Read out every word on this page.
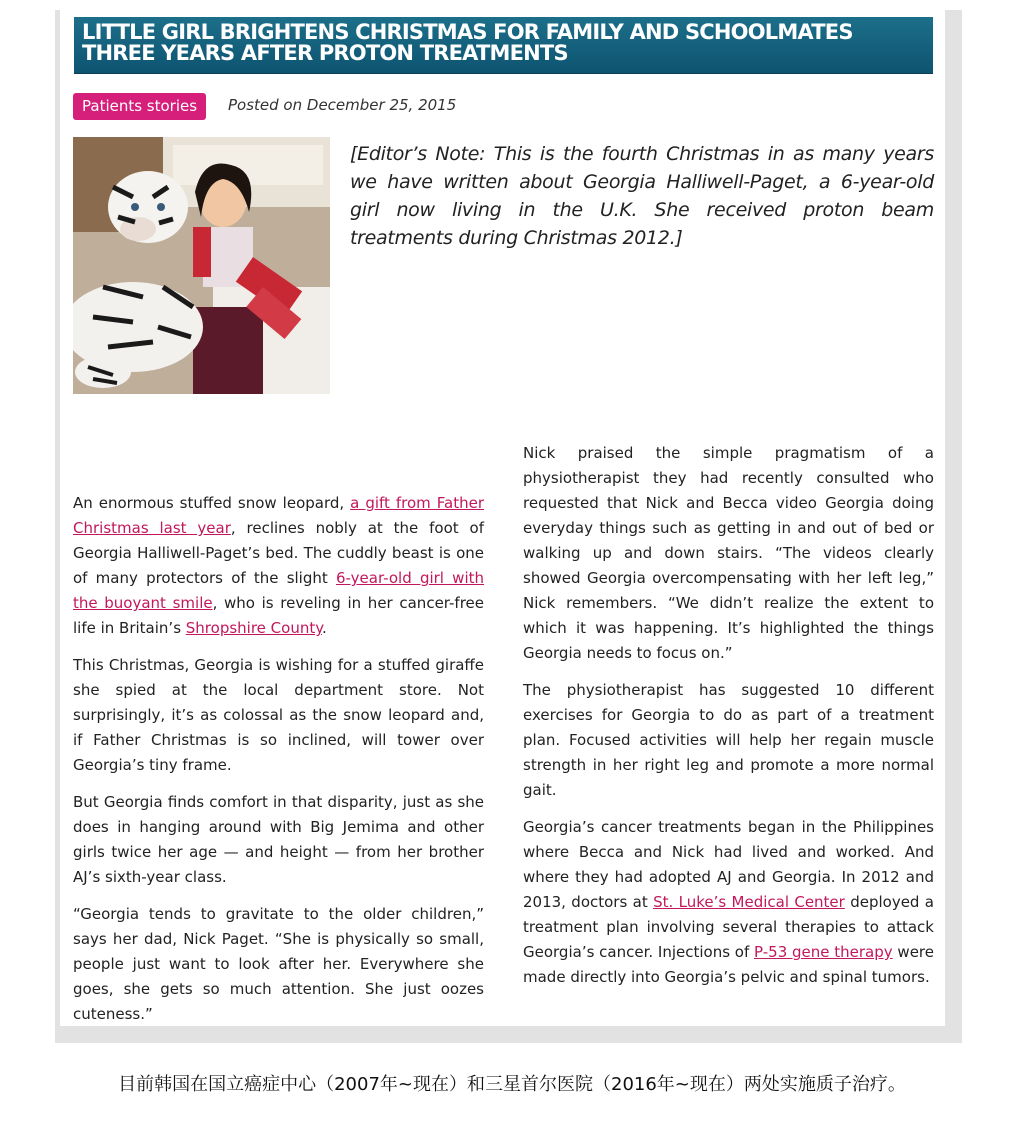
LITTLE GIRL BRIGHTENS CHRISTMAS FOR FAMILY AND SCHOOLMATES THREE YEARS AFTER PROTON TREATMENTS
Patients stories	Posted on December 25, 2015
[Editor’s Note: This is the fourth Christmas in as many years we have written about Georgia Halliwell-Paget, a 6-year-old girl now living in the U.K. She received proton beam treatments during Christmas 2012.]

An enormous stuffed snow leopard, a gift from Father Christmas last year, reclines nobly at the foot of Georgia Halliwell-Paget’s bed. The cuddly beast is one of many protectors of the slight 6-year-old girl with the buoyant smile, who is reveling in her cancer-free life in Britain’s Shropshire County.

This Christmas, Georgia is wishing for a stuffed giraffe she spied at the local department store. Not surprisingly, it’s as colossal as the snow leopard and, if Father Christmas is so inclined, will tower over Georgia’s tiny frame.

But Georgia finds comfort in that disparity, just as she does in hanging around with Big Jemima and other girls twice her age — and height — from her brother AJ’s sixth-year class.

“Georgia tends to gravitate to the older children,” says her dad, Nick Paget. “She is physically so small, people just want to look after her. Everywhere she goes, she gets so much attention. She just oozes cuteness.”

Nick praised the simple pragmatism of a physiotherapist they had recently consulted who requested that Nick and Becca video Georgia doing everyday things such as getting in and out of bed or walking up and down stairs. “The videos clearly showed Georgia overcompensating with her left leg,” Nick remembers. “We didn’t realize the extent to which it was happening. It’s highlighted the things Georgia needs to focus on.”

The physiotherapist has suggested 10 different exercises for Georgia to do as part of a treatment plan. Focused activities will help her regain muscle strength in her right leg and promote a more normal gait.

Georgia’s cancer treatments began in the Philippines where Becca and Nick had lived and worked. And where they had adopted AJ and Georgia. In 2012 and 2013, doctors at St. Luke’s Medical Center deployed a treatment plan involving several therapies to attack Georgia’s cancer. Injections of P-53 gene therapy were made directly into Georgia’s pelvic and spinal tumors.

目前韩国在国立癌症中心（2007年~现在）和三星首尔医院（2016年~现在）两处实施质子治疗。
